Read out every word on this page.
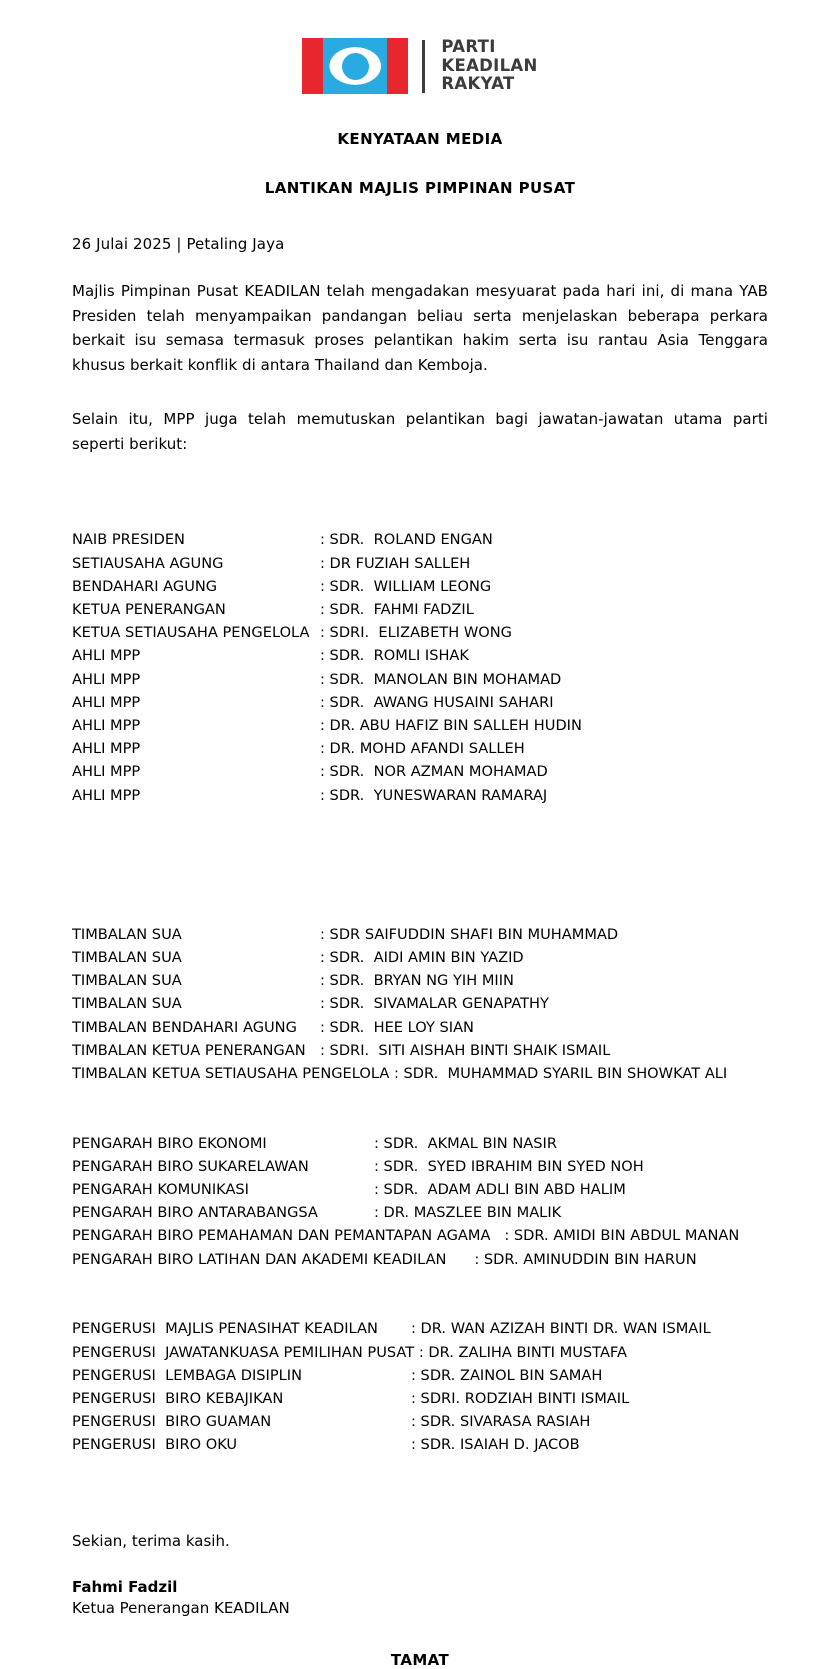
PARTI
KEADILAN
RAKYAT
KENYATAAN MEDIA
LANTIKAN MAJLIS PIMPINAN PUSAT
26 Julai 2025 | Petaling Jaya
Majlis Pimpinan Pusat KEADILAN telah mengadakan mesyuarat pada hari ini, di mana YAB Presiden telah menyampaikan pandangan beliau serta menjelaskan beberapa perkara berkait isu semasa termasuk proses pelantikan hakim serta isu rantau Asia Tenggara khusus berkait konflik di antara Thailand dan Kemboja.
Selain itu, MPP juga telah memutuskan pelantikan bagi jawatan-jawatan utama parti seperti berikut:

NAIB PRESIDEN	: SDR.  ROLAND ENGAN
SETIAUSAHA AGUNG	: DR FUZIAH SALLEH
BENDAHARI AGUNG	: SDR.  WILLIAM LEONG
KETUA PENERANGAN	: SDR.  FAHMI FADZIL
KETUA SETIAUSAHA PENGELOLA : SDRI.  ELIZABETH WONG
AHLI MPP	: SDR.  ROMLI ISHAK
AHLI MPP	: SDR.  MANOLAN BIN MOHAMAD
AHLI MPP	: SDR.  AWANG HUSAINI SAHARI
AHLI MPP	: DR. ABU HAFIZ BIN SALLEH HUDIN
AHLI MPP	: DR. MOHD AFANDI SALLEH
AHLI MPP	: SDR.  NOR AZMAN MOHAMAD
AHLI MPP	: SDR.  YUNESWARAN RAMARAJ

TIMBALAN SUA	: SDR SAIFUDDIN SHAFI BIN MUHAMMAD
TIMBALAN SUA	: SDR.  AIDI AMIN BIN YAZID
TIMBALAN SUA	: SDR.  BRYAN NG YIH MIIN
TIMBALAN SUA	: SDR.  SIVAMALAR GENAPATHY
TIMBALAN BENDAHARI AGUNG : SDR.  HEE LOY SIAN
TIMBALAN KETUA PENERANGAN : SDRI.  SITI AISHAH BINTI SHAIK ISMAIL
TIMBALAN KETUA SETIAUSAHA PENGELOLA : SDR.  MUHAMMAD SYARIL BIN SHOWKAT ALI

PENGARAH BIRO EKONOMI	: SDR.  AKMAL BIN NASIR
PENGARAH BIRO SUKARELAWAN	: SDR.  SYED IBRAHIM BIN SYED NOH
PENGARAH KOMUNIKASI	: SDR.  ADAM ADLI BIN ABD HALIM
PENGARAH BIRO ANTARABANGSA	: DR. MASZLEE BIN MALIK
PENGARAH BIRO PEMAHAMAN DAN PEMANTAPAN AGAMA : SDR. AMIDI BIN ABDUL MANAN
PENGARAH BIRO LATIHAN DAN AKADEMI KEADILAN : SDR. AMINUDDIN BIN HARUN

PENGERUSI  MAJLIS PENASIHAT KEADILAN	: DR. WAN AZIZAH BINTI DR. WAN ISMAIL
PENGERUSI  JAWATANKUASA PEMILIHAN PUSAT : DR. ZALIHA BINTI MUSTAFA
PENGERUSI  LEMBAGA DISIPLIN	: SDR. ZAINOL BIN SAMAH
PENGERUSI  BIRO KEBAJIKAN	: SDRI. RODZIAH BINTI ISMAIL
PENGERUSI  BIRO GUAMAN	: SDR. SIVARASA RASIAH
PENGERUSI  BIRO OKU	: SDR. ISAIAH D. JACOB

Sekian, terima kasih.
Fahmi Fadzil
Ketua Penerangan KEADILAN
TAMAT
